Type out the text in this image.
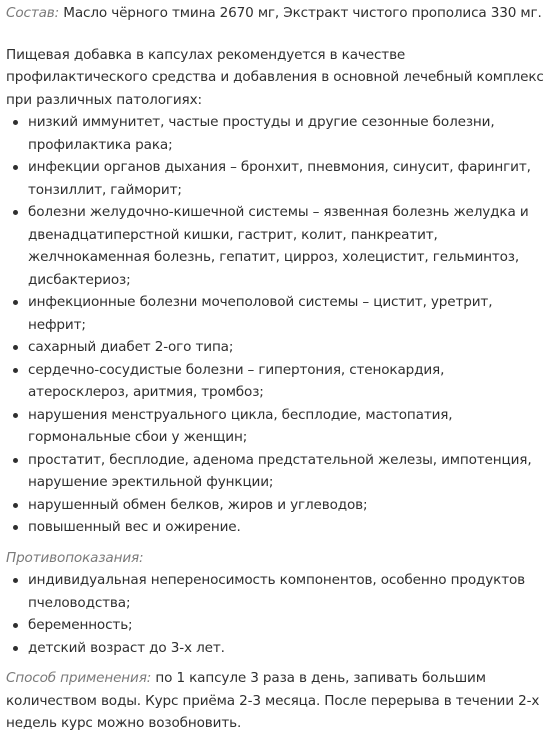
Состав: Масло чёрного тмина 2670 мг, Экстракт чистого прополиса 330 мг.

Пищевая добавка в капсулах рекомендуется в качестве профилактического средства и добавления в основной лечебный комплекс при различных патологиях:

низкий иммунитет, частые простуды и другие сезонные болезни, профилактика рака;
инфекции органов дыхания – бронхит, пневмония, синусит, фарингит, тонзиллит, гайморит;
болезни желудочно-кишечной системы – язвенная болезнь желудка и двенадцатиперстной кишки, гастрит, колит, панкреатит, желчнокаменная болезнь, гепатит, цирроз, холецистит, гельминтоз, дисбактериоз;
инфекционные болезни мочеполовой системы – цистит, уретрит, нефрит;
сахарный диабет 2-ого типа;
сердечно-сосудистые болезни – гипертония, стенокардия, атеросклероз, аритмия, тромбоз;
нарушения менструального цикла, бесплодие, мастопатия, гормональные сбои у женщин;
простатит, бесплодие, аденома предстательной железы, импотенция, нарушение эректильной функции;
нарушенный обмен белков, жиров и углеводов;
повышенный вес и ожирение.

Противопоказания:

индивидуальная непереносимость компонентов, особенно продуктов пчеловодства;
беременность;
детский возраст до 3-х лет.

Способ применения: по 1 капсуле 3 раза в день, запивать большим количеством воды. Курс приёма 2-3 месяца. После перерыва в течении 2-х недель курс можно возобновить.
